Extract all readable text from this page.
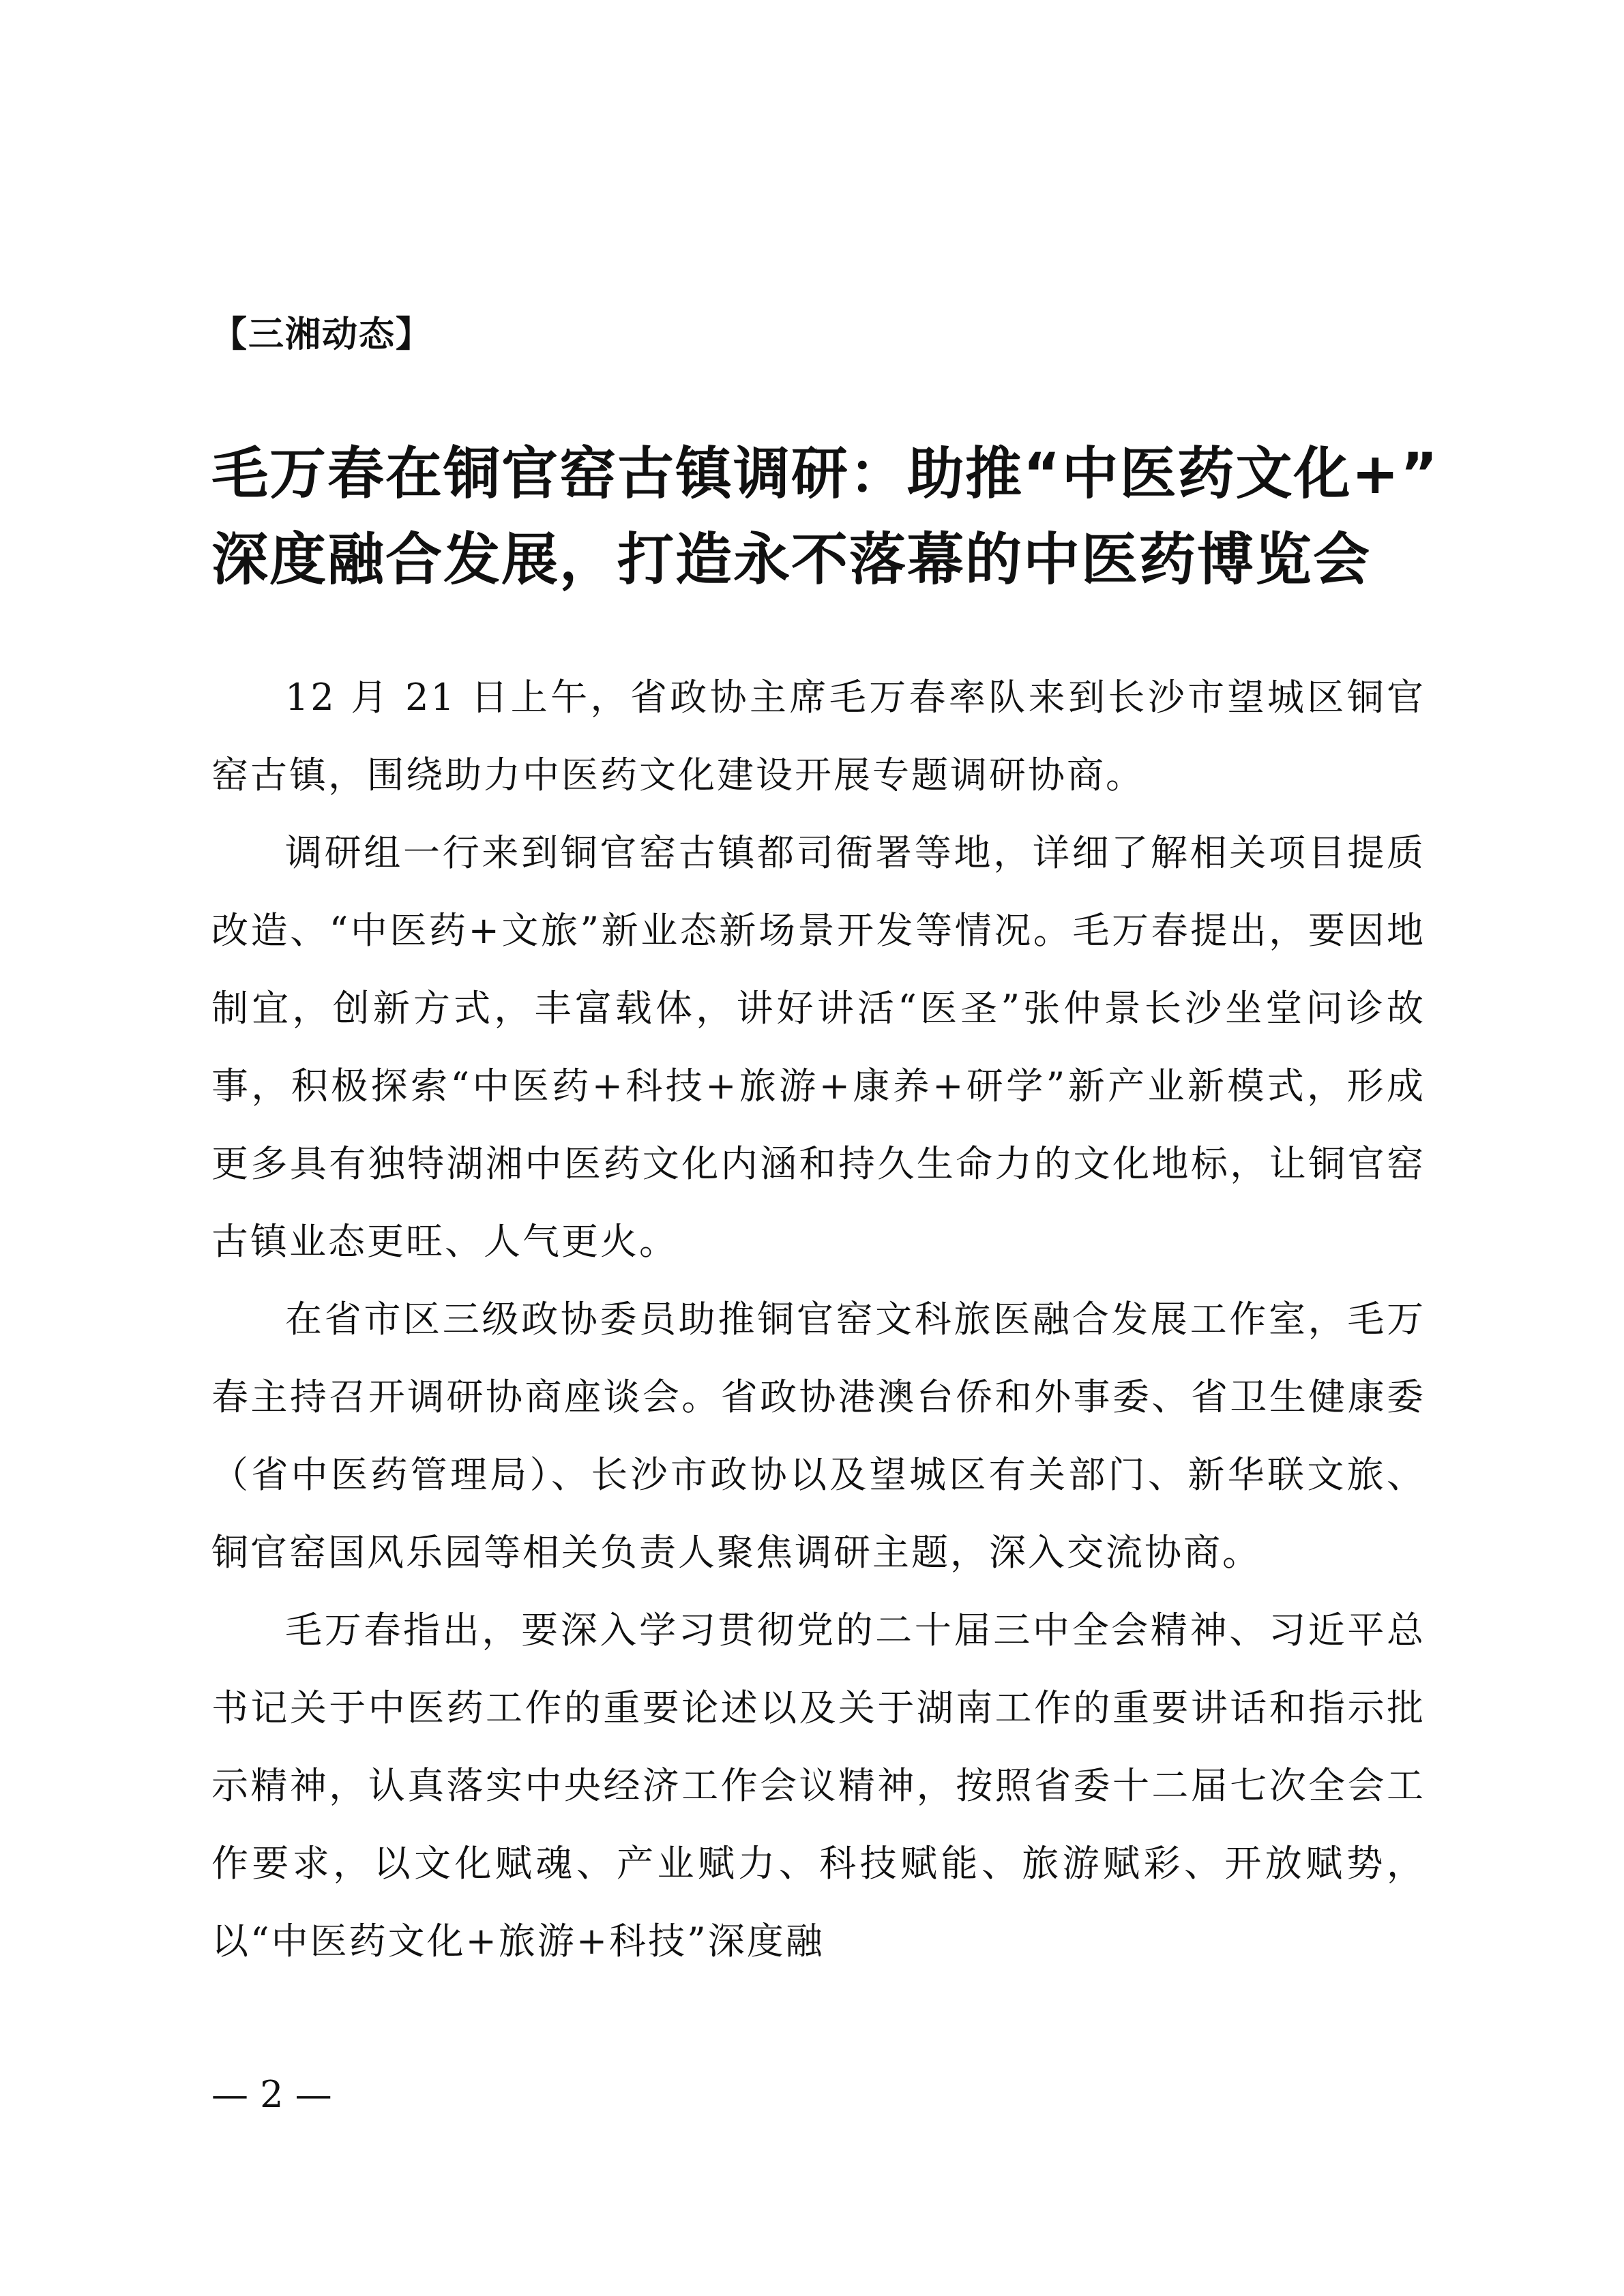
【三湘动态】
毛万春在铜官窑古镇调研：助推“中医药文化+”
深度融合发展，打造永不落幕的中医药博览会

12 月 21 日上午，省政协主席毛万春率队来到长沙市望城区铜官窑古镇，围绕助力中医药文化建设开展专题调研协商。

调研组一行来到铜官窑古镇都司衙署等地，详细了解相关项目提质改造、“中医药+文旅”新业态新场景开发等情况。毛万春提出，要因地制宜，创新方式，丰富载体，讲好讲活“医圣”张仲景长沙坐堂问诊故事，积极探索“中医药+科技+旅游+康养+研学”新产业新模式，形成更多具有独特湖湘中医药文化内涵和持久生命力的文化地标，让铜官窑古镇业态更旺、人气更火。

在省市区三级政协委员助推铜官窑文科旅医融合发展工作室，毛万春主持召开调研协商座谈会。省政协港澳台侨和外事委、省卫生健康委（省中医药管理局）、长沙市政协以及望城区有关部门、新华联文旅、铜官窑国风乐园等相关负责人聚焦调研主题，深入交流协商。

毛万春指出，要深入学习贯彻党的二十届三中全会精神、习近平总书记关于中医药工作的重要论述以及关于湖南工作的重要讲话和指示批示精神，认真落实中央经济工作会议精神，按照省委十二届七次全会工作要求，以文化赋魂、产业赋力、科技赋能、旅游赋彩、开放赋势，以“中医药文化+旅游+科技”深度融

— 2 —
